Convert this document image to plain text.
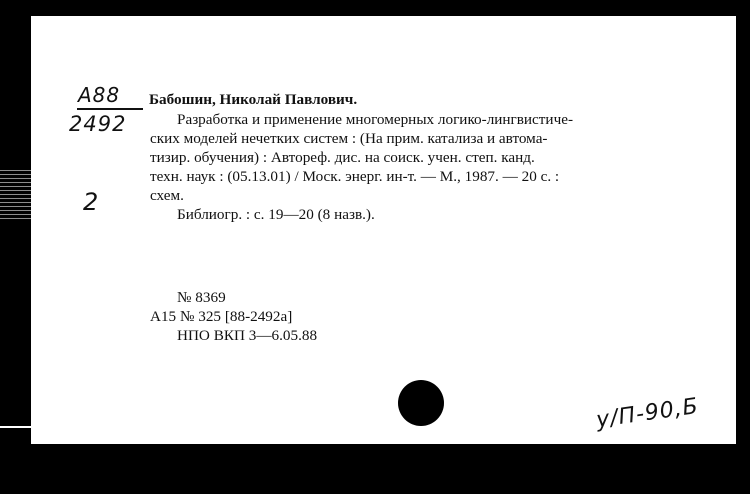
А88
2492
2
Бабошин, Николай Павлович.
Разработка и применение многомерных логико-лингвистиче-
ских моделей нечетких систем : (На прим. катализа и автома-
тизир. обучения) : Автореф. дис. на соиск. учен. степ. канд.
техн. наук : (05.13.01) / Моск. энерг. ин-т. — М., 1987. — 20 с. :
схем.
Библиогр. : с. 19—20 (8 назв.).
№ 8369
А15 № 325 [88-2492а]
НПО ВКП 3—6.05.88
у/П-90,Б
